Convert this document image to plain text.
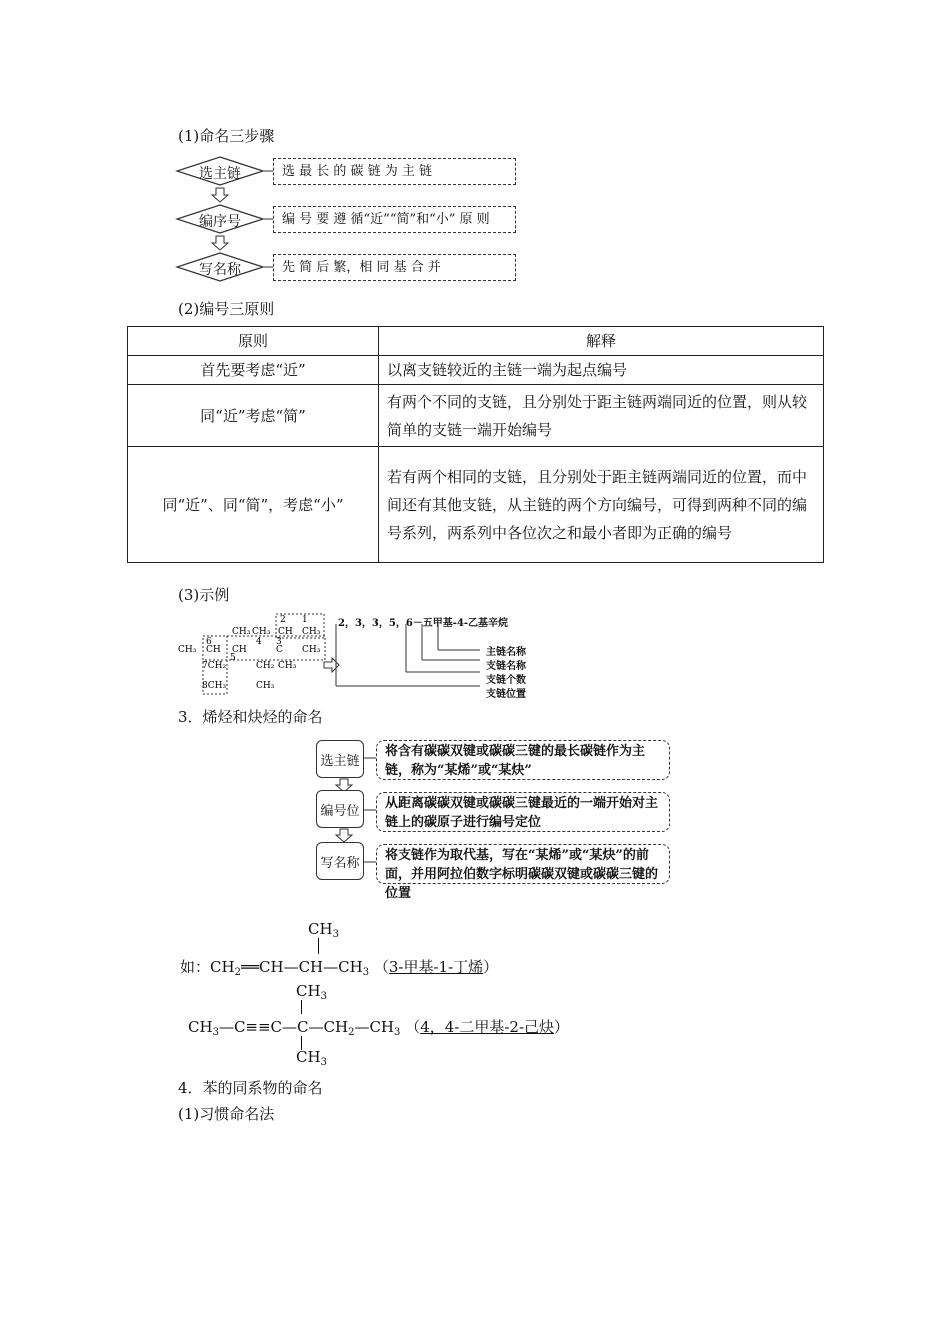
(1)命名三步骤
选主链
编序号
写名称
选 最 长 的 碳 链 为 主 链
编 号 要 遵 循“近”“简”和“小” 原 则
先 简 后 繁，相 同 基 合 并
(2)编号三原则
原则	解释
首先要考虑“近”	以离支链较近的主链一端为起点编号
同“近”考虑“简”	有两个不同的支链，且分别处于距主链两端同近的位置，则从较简单的支链一端开始编号
同“近”、同“简”，考虑“小”	若有两个相同的支链，且分别处于距主链两端同近的位置，而中间还有其他支链，从主链的两个方向编号，可得到两种不同的编号系列，两系列中各位次之和最小者即为正确的编号
(3)示例
2 1
CH₃ CH₃ CH CH₃
6	4 3
CH₃ CH CH	C CH₃
5
7CH₂	CH₂ CH₃
CH₃
8CH₃
2，3，3，5，6－五甲基-4-乙基辛烷
主链名称
支链名称
支链个数
支链位置
3．烯烃和炔烃的命名
选主链
编号位
写名称
将含有碳碳双键或碳碳三键的最长碳链作为主链，称为“某烯”或“某炔”
从距离碳碳双键或碳碳三键最近的一端开始对主链上的碳原子进行编号定位
将支链作为取代基，写在“某烯”或“某炔”的前面，并用阿拉伯数字标明碳碳双键或碳碳三键的位置
$CH_3$
如：$CH_2══CH—CH—CH_3$ （3-甲基-1-丁烯）
$CH_3$
$CH_3—C\equiv\equiv C—C—CH_2—CH_3$ （4，4-二甲基-2-己炔）
$CH_3$
4．苯的同系物的命名
(1)习惯命名法
